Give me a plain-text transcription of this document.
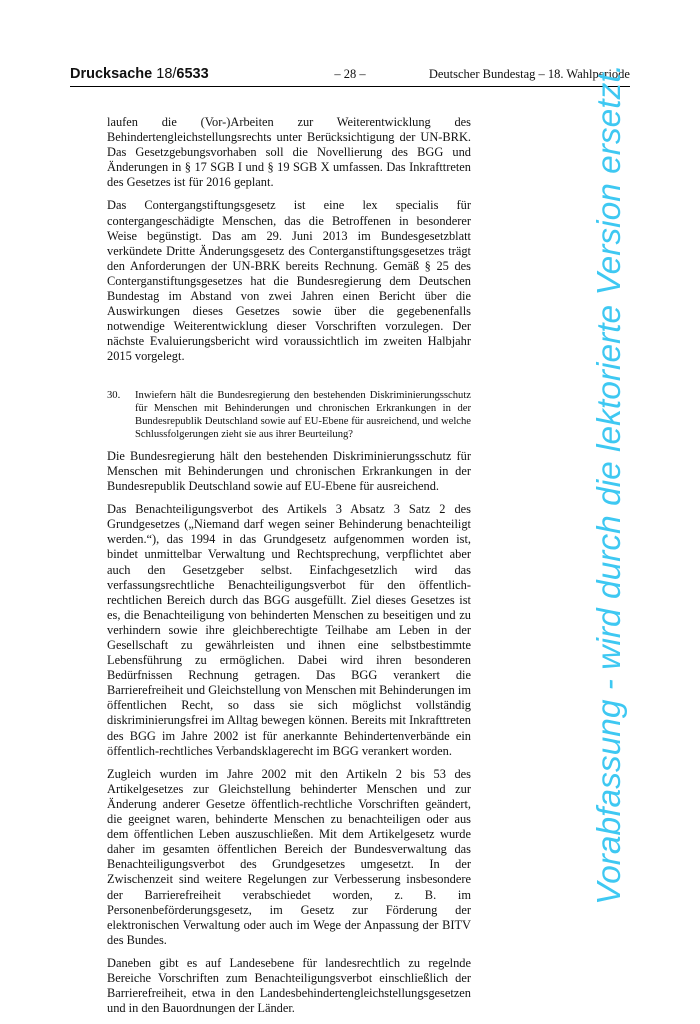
Drucksache 18/6533	– 28 –	Deutscher Bundestag – 18. Wahlperiode

laufen die (Vor-)Arbeiten zur Weiterentwicklung des Behindertengleichstellungsrechts unter Berücksichtigung der UN-BRK. Das Gesetzgebungsvorhaben soll die Novellierung des BGG und Änderungen in § 17 SGB I und § 19 SGB X umfassen. Das Inkrafttreten des Gesetzes ist für 2016 geplant.

Das Contergangstiftungsgesetz ist eine lex specialis für contergangeschädigte Menschen, das die Betroffenen in besonderer Weise begünstigt. Das am 29. Juni 2013 im Bundesgesetzblatt verkündete Dritte Änderungsgesetz des Conterganstiftungsgesetzes trägt den Anforderungen der UN-BRK bereits Rechnung. Gemäß § 25 des Conterganstiftungsgesetzes hat die Bundesregierung dem Deutschen Bundestag im Abstand von zwei Jahren einen Bericht über die Auswirkungen dieses Gesetzes sowie über die gegebenenfalls notwendige Weiterentwicklung dieser Vorschriften vorzulegen. Der nächste Evaluierungsbericht wird voraussichtlich im zweiten Halbjahr 2015 vorgelegt.

30.	Inwiefern hält die Bundesregierung den bestehenden Diskriminierungsschutz für Menschen mit Behinderungen und chronischen Erkrankungen in der Bundesrepublik Deutschland sowie auf EU-Ebene für ausreichend, und welche Schlussfolgerungen zieht sie aus ihrer Beurteilung?

Die Bundesregierung hält den bestehenden Diskriminierungsschutz für Menschen mit Behinderungen und chronischen Erkrankungen in der Bundesrepublik Deutschland sowie auf EU-Ebene für ausreichend.

Das Benachteiligungsverbot des Artikels 3 Absatz 3 Satz 2 des Grundgesetzes („Niemand darf wegen seiner Behinderung benachteiligt werden.“), das 1994 in das Grundgesetz aufgenommen worden ist, bindet unmittelbar Verwaltung und Rechtsprechung, verpflichtet aber auch den Gesetzgeber selbst. Einfachgesetzlich wird das verfassungsrechtliche Benachteiligungsverbot für den öffentlich-rechtlichen Bereich durch das BGG ausgefüllt. Ziel dieses Gesetzes ist es, die Benachteiligung von behinderten Menschen zu beseitigen und zu verhindern sowie ihre gleichberechtigte Teilhabe am Leben in der Gesellschaft zu gewährleisten und ihnen eine selbstbestimmte Lebensführung zu ermöglichen. Dabei wird ihren besonderen Bedürfnissen Rechnung getragen. Das BGG verankert die Barrierefreiheit und Gleichstellung von Menschen mit Behinderungen im öffentlichen Recht, so dass sie sich möglichst vollständig diskriminierungsfrei im Alltag bewegen können. Bereits mit Inkrafttreten des BGG im Jahre 2002 ist für anerkannte Behindertenverbände ein öffentlich-rechtliches Verbandsklagerecht im BGG verankert worden.

Zugleich wurden im Jahre 2002 mit den Artikeln 2 bis 53 des Artikelgesetzes zur Gleichstellung behinderter Menschen und zur Änderung anderer Gesetze öffentlich-rechtliche Vorschriften geändert, die geeignet waren, behinderte Menschen zu benachteiligen oder aus dem öffentlichen Leben auszuschließen. Mit dem Artikelgesetz wurde daher im gesamten öffentlichen Bereich der Bundesverwaltung das Benachteiligungsverbot des Grundgesetzes umgesetzt. In der Zwischenzeit sind weitere Regelungen zur Verbesserung insbesondere der Barrierefreiheit verabschiedet worden, z. B. im Personenbeförderungsgesetz, im Gesetz zur Förderung der elektronischen Verwaltung oder auch im Wege der Anpassung der BITV des Bundes.

Daneben gibt es auf Landesebene für landesrechtlich zu regelnde Bereiche Vorschriften zum Benachteiligungsverbot einschließlich der Barrierefreiheit, etwa in den Landesbehindertengleichstellungsgesetzen und in den Bauordnungen der Länder.

Vorabfassung - wird durch die lektorierte Version ersetzt.
